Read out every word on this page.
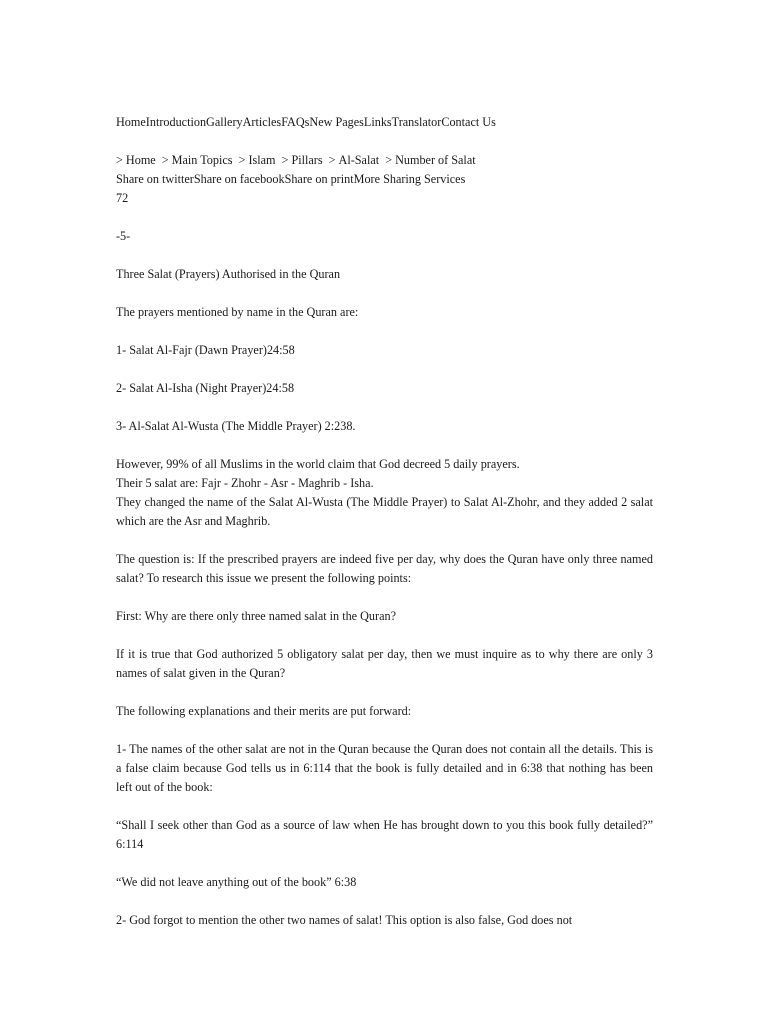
Home Introduction Gallery Articles FAQs New Pages Links Translator Contact Us
> Home > Main Topics > Islam > Pillars > Al-Salat > Number of Salat
Share on twitter Share on facebook Share on print More Sharing Services
72
-5-
Three Salat (Prayers) Authorised in the Quran
The prayers mentioned by name in the Quran are:
1- Salat Al-Fajr (Dawn Prayer)24:58
2- Salat Al-Isha (Night Prayer)24:58
3- Al-Salat Al-Wusta (The Middle Prayer) 2:238.
However, 99% of all Muslims in the world claim that God decreed 5 daily prayers.
Their 5 salat are: Fajr - Zhohr - Asr - Maghrib - Isha.
They changed the name of the Salat Al-Wusta (The Middle Prayer) to Salat Al-Zhohr, and they added 2 salat which are the Asr and Maghrib.
The question is: If the prescribed prayers are indeed five per day, why does the Quran have only three named salat? To research this issue we present the following points:
First: Why are there only three named salat in the Quran?
If it is true that God authorized 5 obligatory salat per day, then we must inquire as to why there are only 3 names of salat given in the Quran?
The following explanations and their merits are put forward:
1- The names of the other salat are not in the Quran because the Quran does not contain all the details. This is a false claim because God tells us in 6:114 that the book is fully detailed and in 6:38 that nothing has been left out of the book:
“Shall I seek other than God as a source of law when He has brought down to you this book fully detailed?” 6:114
“We did not leave anything out of the book” 6:38
2- God forgot to mention the other two names of salat! This option is also false, God does not
